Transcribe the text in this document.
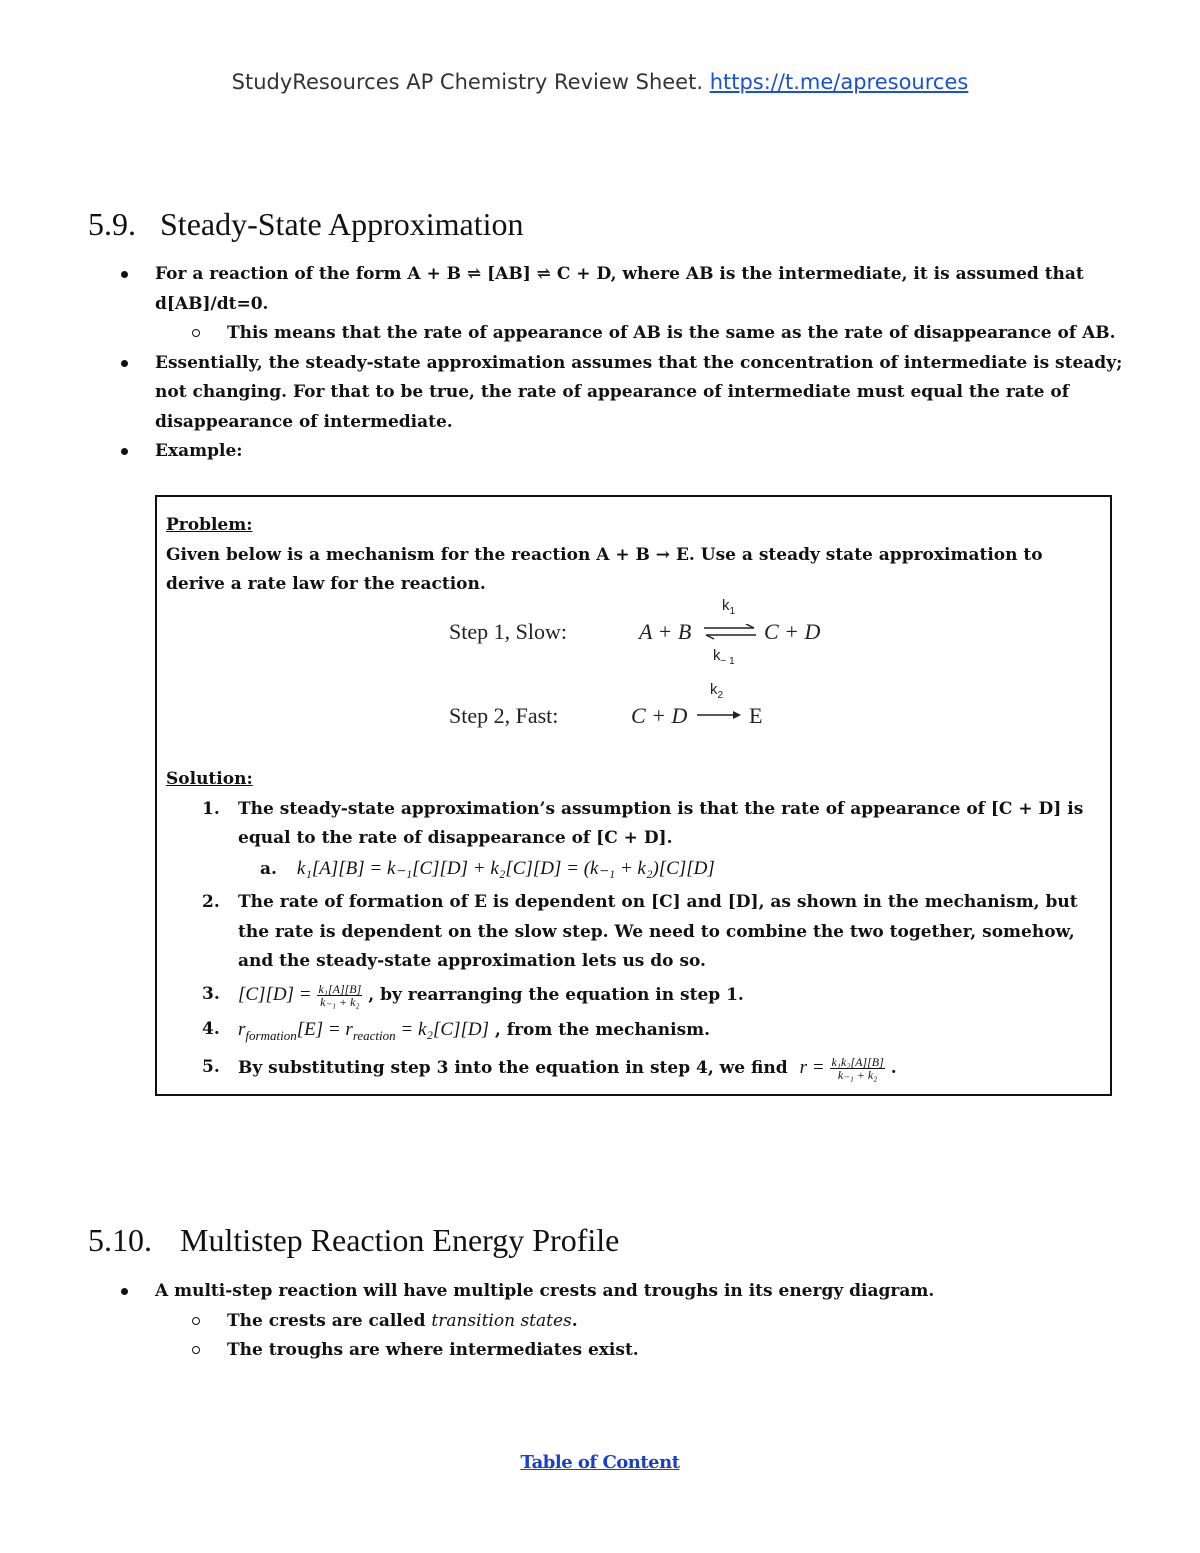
StudyResources AP Chemistry Review Sheet. https://t.me/apresources
5.9. Steady-State Approximation
For a reaction of the form A + B ⇌ [AB] ⇌ C + D, where AB is the intermediate, it is assumed that d[AB]/dt=0.
This means that the rate of appearance of AB is the same as the rate of disappearance of AB.
Essentially, the steady-state approximation assumes that the concentration of intermediate is steady; not changing. For that to be true, the rate of appearance of intermediate must equal the rate of disappearance of intermediate.
Example:
Problem:
Given below is a mechanism for the reaction A + B → E. Use a steady state approximation to derive a rate law for the reaction.
Step 1, Slow:	A + B
$k_1$
⇌ C + D
$k_{- 1}$
Step 2, Fast:	C + D
$k_2$
E
Solution:
1. The steady-state approximation’s assumption is that the rate of appearance of [C + D] is equal to the rate of disappearance of [C + D].
a. k₁[A][B] = k₋₁[C][D] + k₂[C][D] = (k₋₁ + k₂)[C][D]
2. The rate of formation of E is dependent on [C] and [D], as shown in the mechanism, but the rate is dependent on the slow step. We need to combine the two together, somehow, and the steady-state approximation lets us do so.
3. $[C][D] = \frac{\text{k₁[A][B]}}{\text{k₋₁ + k₂}}$ , by rearranging the equation in step 1.
4. $r_{formation}[E] = r_{reaction} = k_2[C][D]$ , from the mechanism.
5. By substituting step 3 into the equation in step 4, we find $r = \frac{\text{k₁k₂[A][B]}}{\text{k₋₁ + k₂}}$ .
5.10. Multistep Reaction Energy Profile
A multi-step reaction will have multiple crests and troughs in its energy diagram.
The crests are called transition states.
The troughs are where intermediates exist.
Table of Content
